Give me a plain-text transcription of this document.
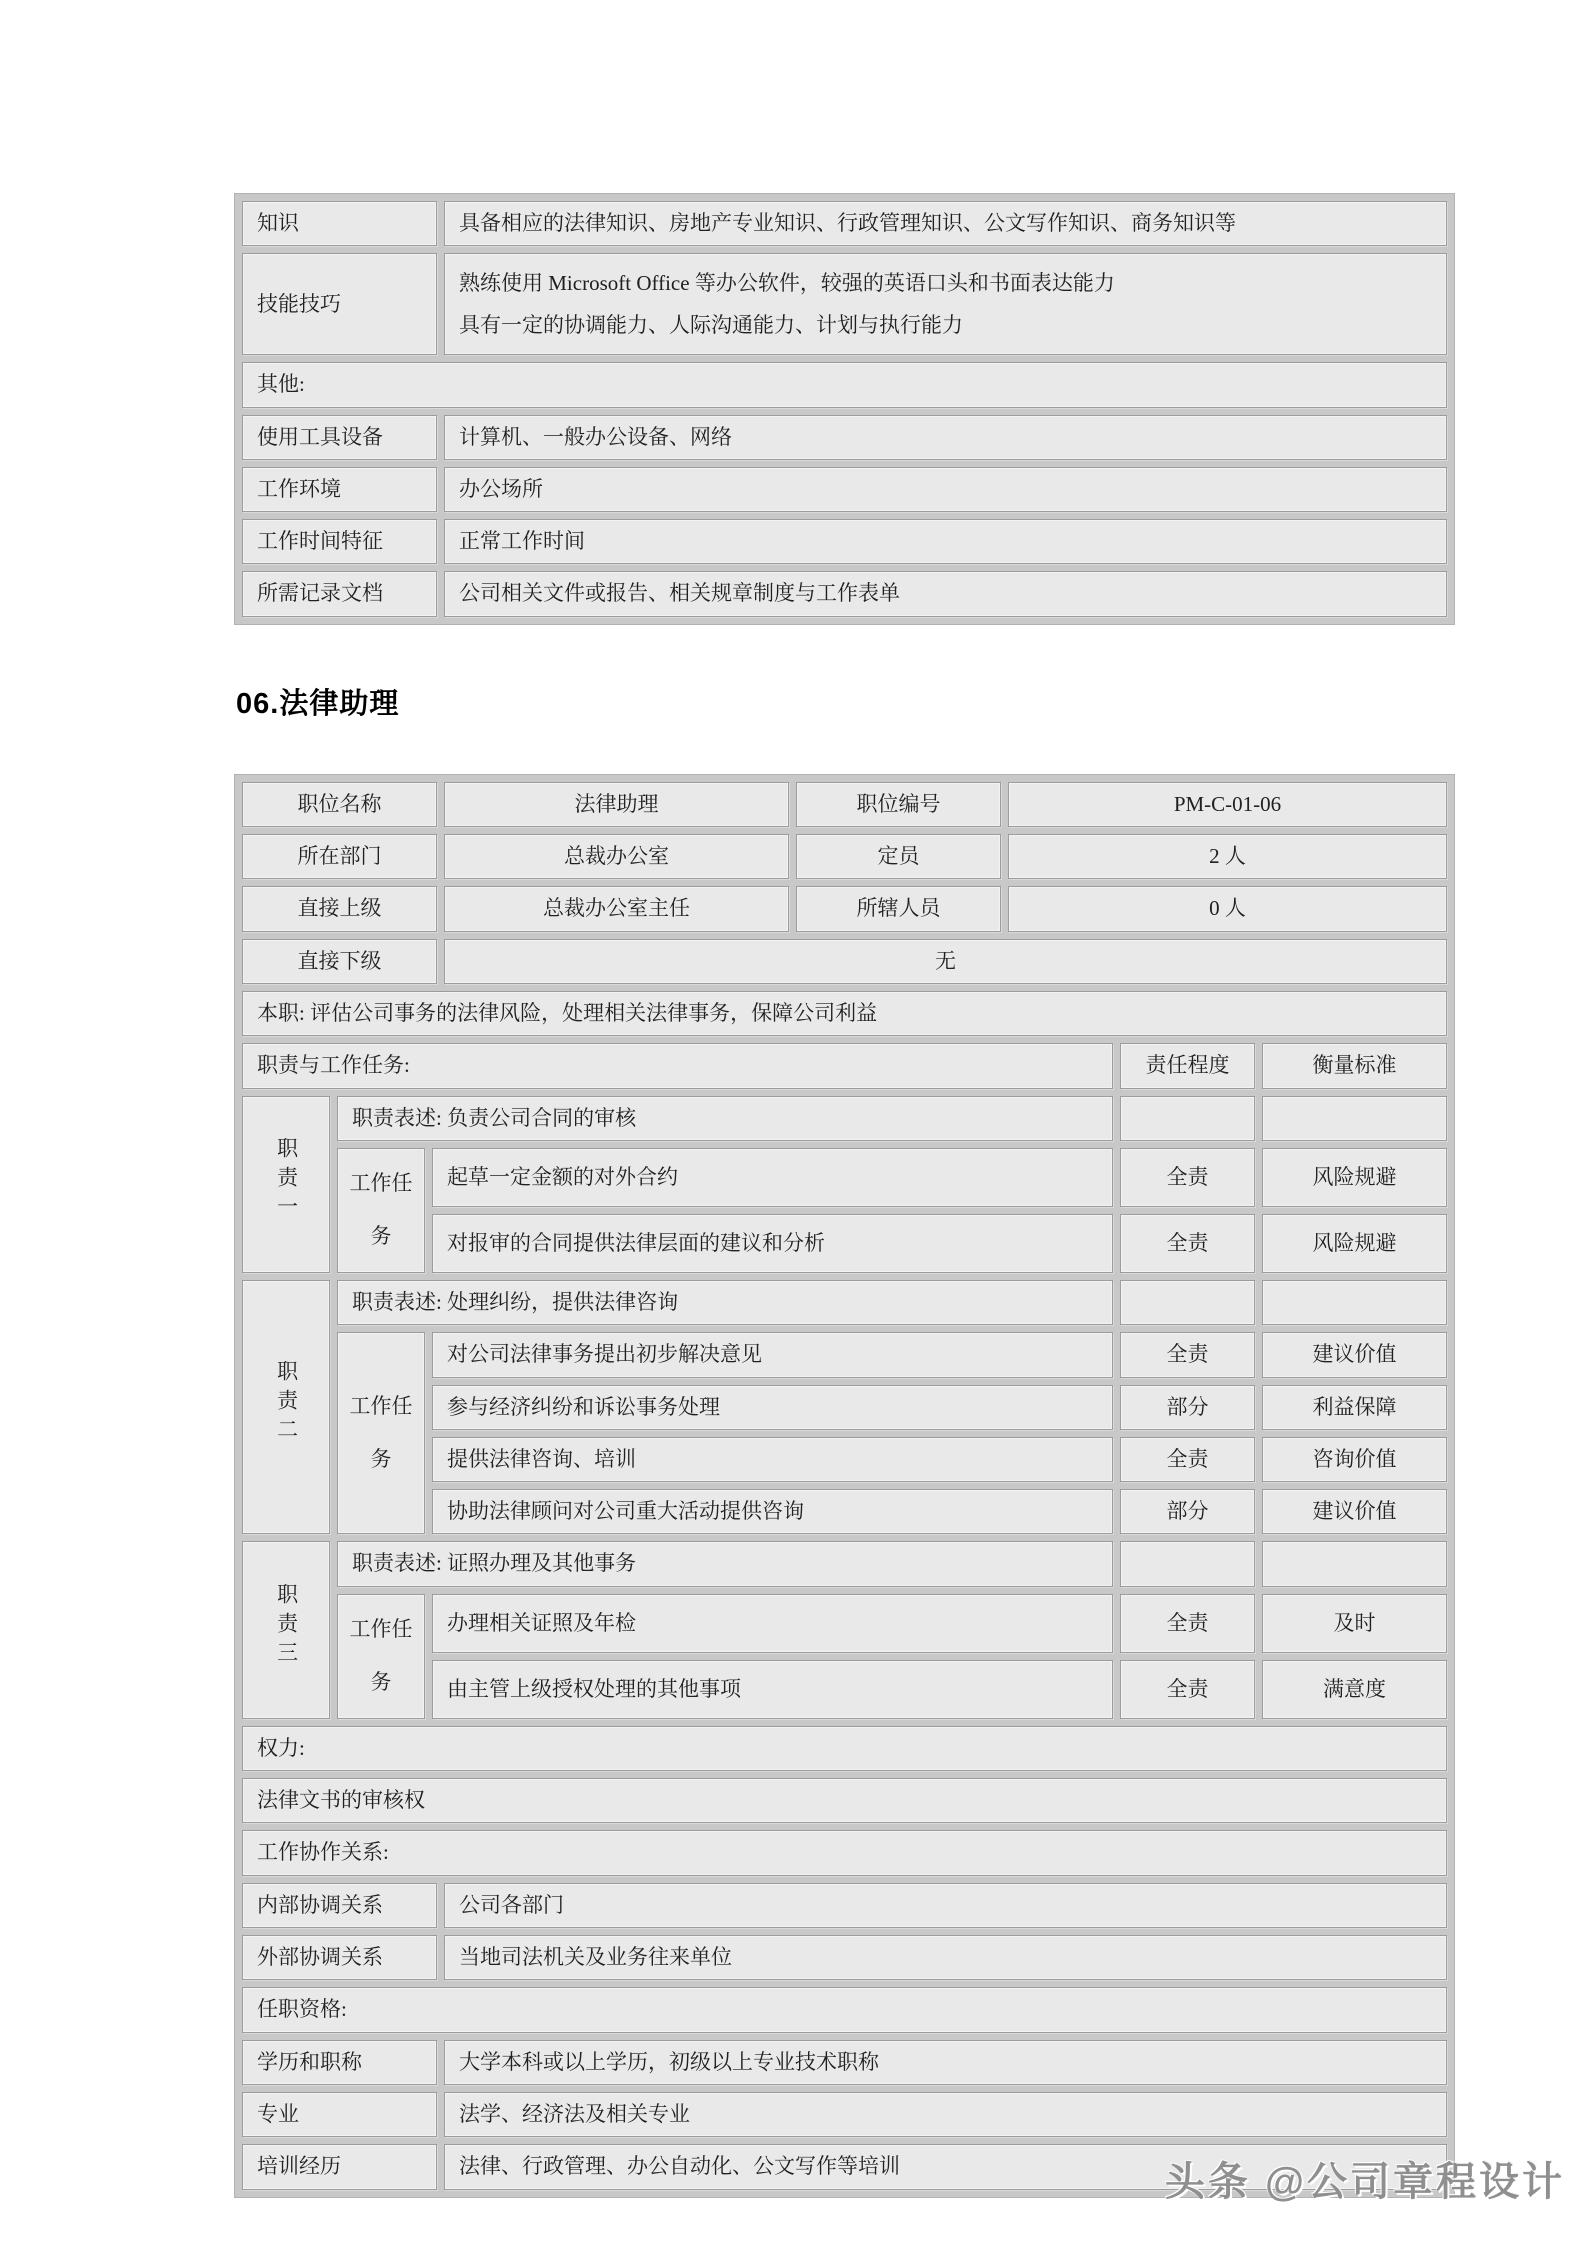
知识	具备相应的法律知识、房地产专业知识、行政管理知识、公文写作知识、商务知识等
技能技巧	熟练使用 Microsoft Office 等办公软件，较强的英语口头和书面表达能力
具有一定的协调能力、人际沟通能力、计划与执行能力

其他:	
使用工具设备	计算机、一般办公设备、网络
工作环境	办公场所
工作时间特征	正常工作时间
所需记录文档	公司相关文件或报告、相关规章制度与工作表单
06.法律助理
职位名称	法律助理	职位编号	PM-C-01-06
所在部门	总裁办公室	定员	2 人
直接上级	总裁办公室主任	所辖人员	0 人
直接下级	无		
本职: 评估公司事务的法律风险，处理相关法律事务，保障公司利益
职责与工作任务:	责任程度	衡量标准
职责一	职责表述: 负责公司合同的审核			
	工作任务	起草一定金额的对外合约	全责	风险规避
		对报审的合同提供法律层面的建议和分析	全责	风险规避
职责二	职责表述: 处理纠纷，提供法律咨询			
	工作任务	对公司法律事务提出初步解决意见	全责	建议价值
		参与经济纠纷和诉讼事务处理	部分	利益保障
		提供法律咨询、培训	全责	咨询价值
		协助法律顾问对公司重大活动提供咨询	部分	建议价值
职责三	职责表述: 证照办理及其他事务			
	工作任务	办理相关证照及年检	全责	及时
		由主管上级授权处理的其他事项	全责	满意度
权力:
法律文书的审核权
工作协作关系:
内部协调关系	公司各部门
外部协调关系	当地司法机关及业务往来单位
任职资格:
学历和职称	大学本科或以上学历，初级以上专业技术职称
专业	法学、经济法及相关专业
培训经历	法律、行政管理、办公自动化、公文写作等培训	头条 @公司章程设计
